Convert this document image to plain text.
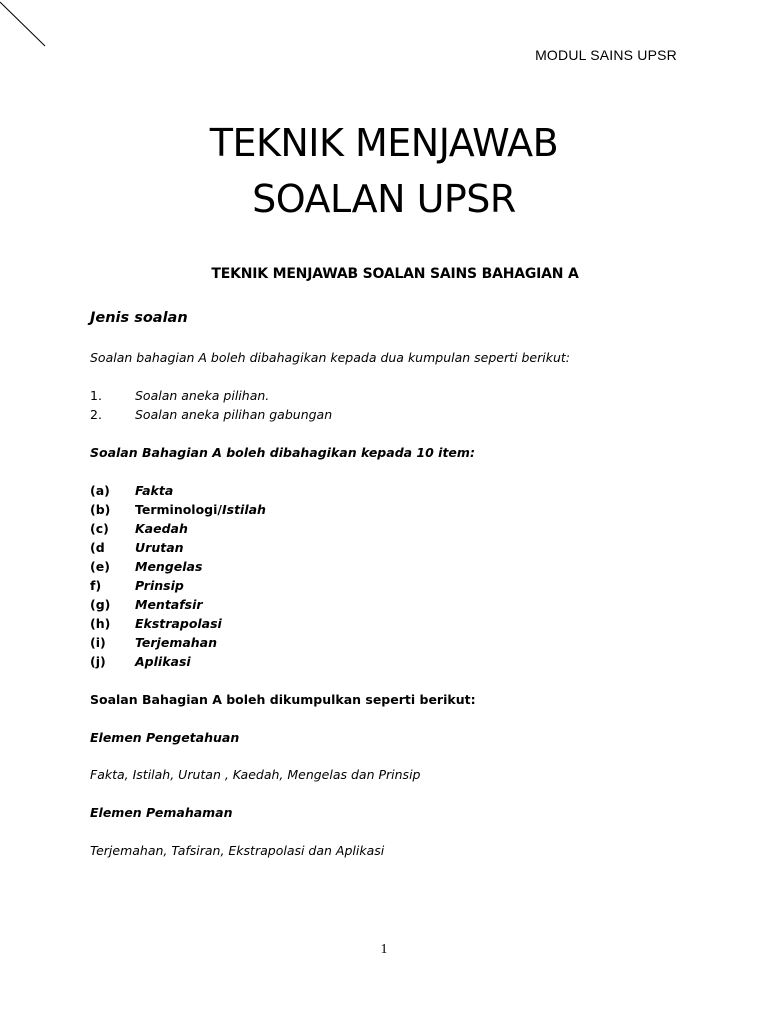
MODUL SAINS UPSR
TEKNIK MENJAWAB
SOALAN UPSR
TEKNIK MENJAWAB SOALAN SAINS BAHAGIAN A
Jenis soalan
Soalan bahagian A boleh dibahagikan kepada dua kumpulan seperti berikut:
1.	Soalan aneka pilihan.
2.	Soalan aneka pilihan gabungan
Soalan Bahagian A boleh dibahagikan kepada 10 item:
(a) Fakta
(b) Terminologi/Istilah
(c) Kaedah
(d Urutan
(e) Mengelas
f)	Prinsip
(g) Mentafsir
(h) Ekstrapolasi
(i) Terjemahan
(j) Aplikasi
Soalan Bahagian A boleh dikumpulkan seperti berikut:
Elemen Pengetahuan
Fakta, Istilah, Urutan , Kaedah, Mengelas dan Prinsip
Elemen Pemahaman
Terjemahan, Tafsiran, Ekstrapolasi dan Aplikasi
1
